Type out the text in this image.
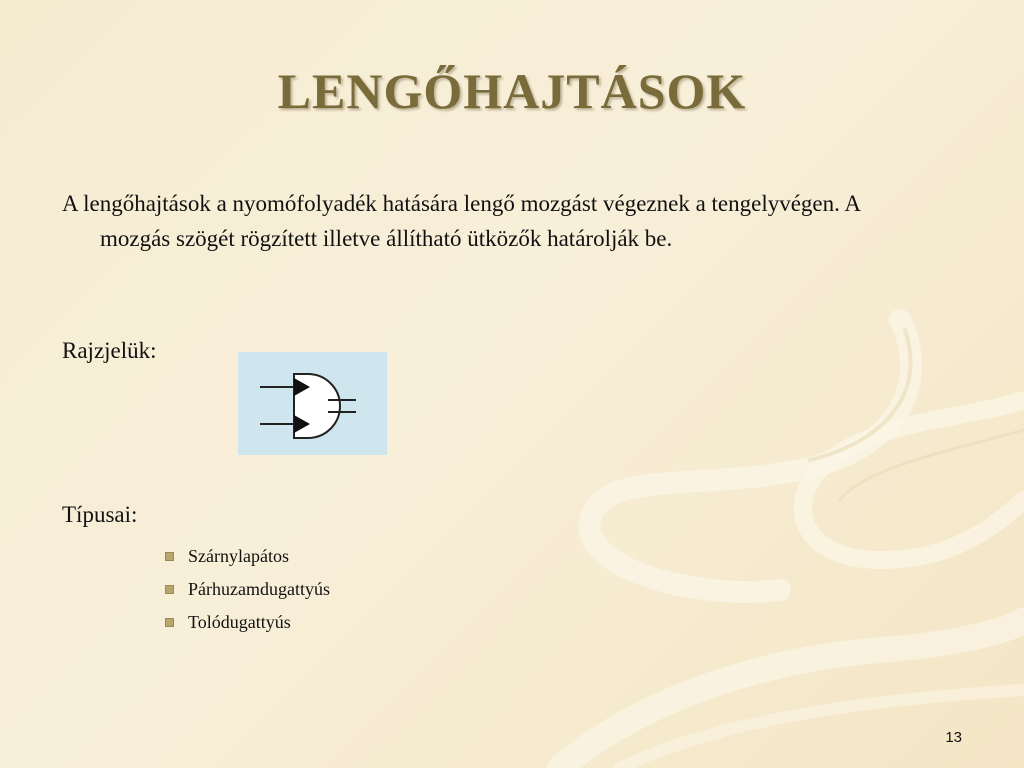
LENGŐHAJTÁSOK
A lengőhajtások a nyomófolyadék hatására lengő mozgást végeznek a tengelyvégen. A mozgás szögét rögzített illetve állítható ütközők határolják be.
Rajzjelük:
Típusai:
Szárnylapátos
Párhuzamdugattyús
Tolódugattyús
13
